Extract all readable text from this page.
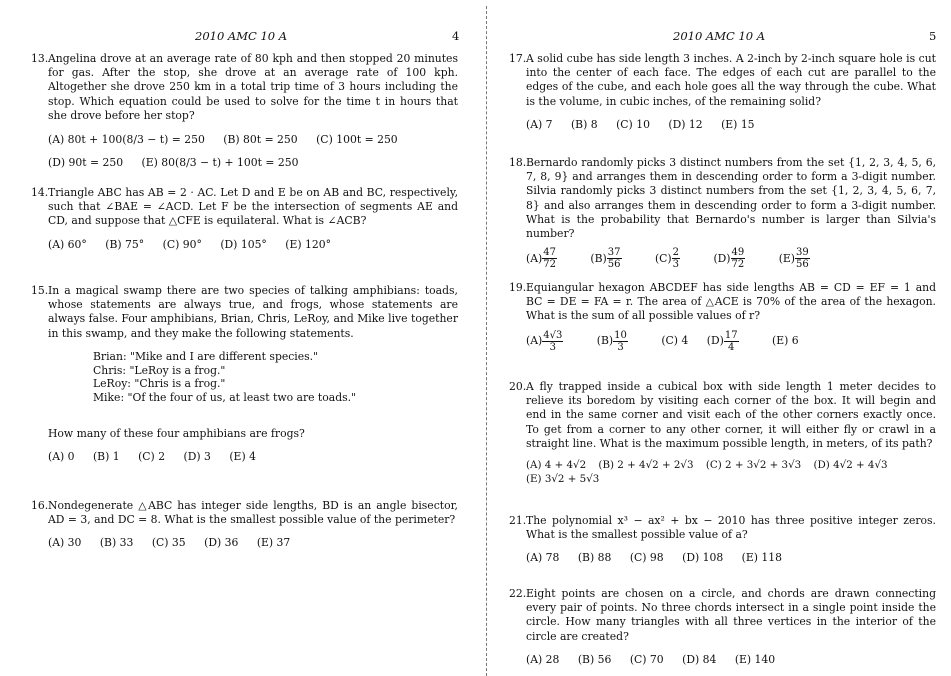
2010 AMC 10 A	4
13. Angelina drove at an average rate of 80 kph and then stopped 20 minutes for gas. After the stop, she drove at an average rate of 100 kph. Altogether she drove 250 km in a total trip time of 3 hours including the stop. Which equation could be used to solve for the time t in hours that she drove before her stop?
(A) 80t + 100(8/3 − t) = 250 (B) 80t = 250 (C) 100t = 250
(D) 90t = 250 (E) 80(8/3 − t) + 100t = 250
14. Triangle ABC has AB = 2 · AC. Let D and E be on AB and BC, respectively, such that ∠BAE = ∠ACD. Let F be the intersection of segments AE and CD, and suppose that △CFE is equilateral. What is ∠ACB?
(A) 60° (B) 75° (C) 90° (D) 105° (E) 120°
15. In a magical swamp there are two species of talking amphibians: toads, whose statements are always true, and frogs, whose statements are always false. Four amphibians, Brian, Chris, LeRoy, and Mike live together in this swamp, and they make the following statements.
Brian: "Mike and I are different species."
Chris: "LeRoy is a frog."
LeRoy: "Chris is a frog."
Mike: "Of the four of us, at least two are toads."
How many of these four amphibians are frogs?
(A) 0 (B) 1 (C) 2 (D) 3 (E) 4
16. Nondegenerate △ABC has integer side lengths, BD is an angle bisector, AD = 3, and DC = 8. What is the smallest possible value of the perimeter?
(A) 30 (B) 33 (C) 35 (D) 36 (E) 37
2010 AMC 10 A	5
17. A solid cube has side length 3 inches. A 2-inch by 2-inch square hole is cut into the center of each face. The edges of each cut are parallel to the edges of the cube, and each hole goes all the way through the cube. What is the volume, in cubic inches, of the remaining solid?
(A) 7 (B) 8 (C) 10 (D) 12 (E) 15
18. Bernardo randomly picks 3 distinct numbers from the set {1, 2, 3, 4, 5, 6, 7, 8, 9} and arranges them in descending order to form a 3-digit number. Silvia randomly picks 3 distinct numbers from the set {1, 2, 3, 4, 5, 6, 7, 8} and also arranges them in descending order to form a 3-digit number. What is the probability that Bernardo's number is larger than Silvia's number?
$(A) \frac{47}{72} (B) \frac{37}{56} (C) \frac{2}{3} (D) \frac{49}{72} (E) \frac{39}{56}$
19. Equiangular hexagon ABCDEF has side lengths AB = CD = EF = 1 and BC = DE = FA = r. The area of △ACE is 70% of the area of the hexagon. What is the sum of all possible values of r?
$(A) \frac{4√3}{3} (B) \frac{10}{3} (C)$ 4 $(D) \frac{17}{4} (E)$ 6
20. A fly trapped inside a cubical box with side length 1 meter decides to relieve its boredom by visiting each corner of the box. It will begin and end in the same corner and visit each of the other corners exactly once. To get from a corner to any other corner, it will either fly or crawl in a straight line. What is the maximum possible length, in meters, of its path?
(A) 4 + 4√2 (B) 2 + 4√2 + 2√3 (C) 2 + 3√2 + 3√3 (D) 4√2 + 4√3
(E) 3√2 + 5√3
21. The polynomial x³ − ax² + bx − 2010 has three positive integer zeros. What is the smallest possible value of a?
(A) 78 (B) 88 (C) 98 (D) 108 (E) 118
22. Eight points are chosen on a circle, and chords are drawn connecting every pair of points. No three chords intersect in a single point inside the circle. How many triangles with all three vertices in the interior of the circle are created?
(A) 28 (B) 56 (C) 70 (D) 84 (E) 140
